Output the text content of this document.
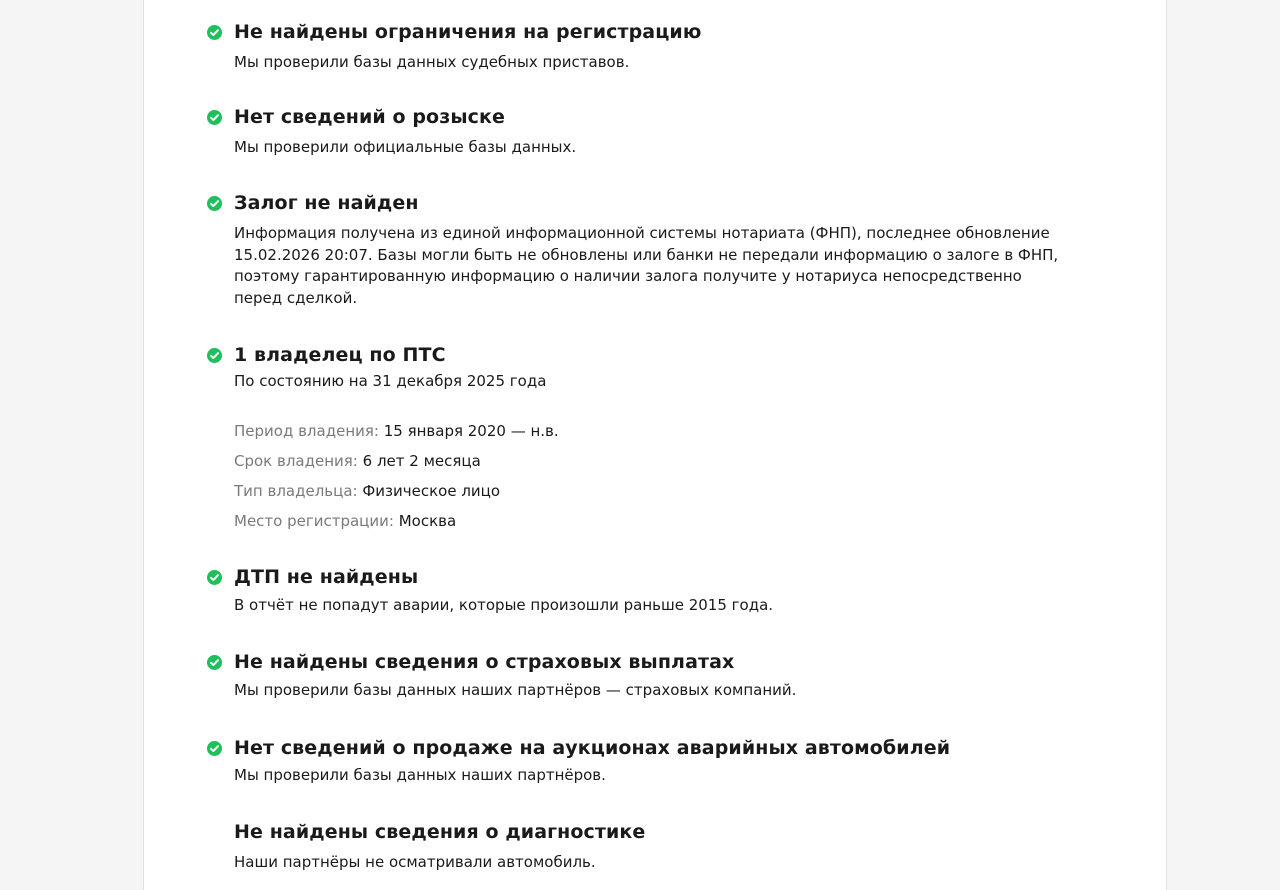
Не найдены ограничения на регистрацию

Мы проверили базы данных судебных приставов.

Нет сведений о розыске

Мы проверили официальные базы данных.

Залог не найден

Информация получена из единой информационной системы нотариата (ФНП), последнее обновление 15.02.2026 20:07. Базы могли быть не обновлены или банки не передали информацию о залоге в ФНП, поэтому гарантированную информацию о наличии залога получите у нотариуса непосредственно перед сделкой.

1 владелец по ПТС

По состоянию на 31 декабря 2025 года

Период владения: 15 января 2020 — н.в.
Срок владения: 6 лет 2 месяца
Тип владельца: Физическое лицо
Место регистрации: Москва
ДТП не найдены

В отчёт не попадут аварии, которые произошли раньше 2015 года.

Не найдены сведения о страховых выплатах

Мы проверили базы данных наших партнёров — страховых компаний.

Нет сведений о продаже на аукционах аварийных автомобилей

Мы проверили базы данных наших партнёров.

Не найдены сведения о диагностике

Наши партнёры не осматривали автомобиль.
